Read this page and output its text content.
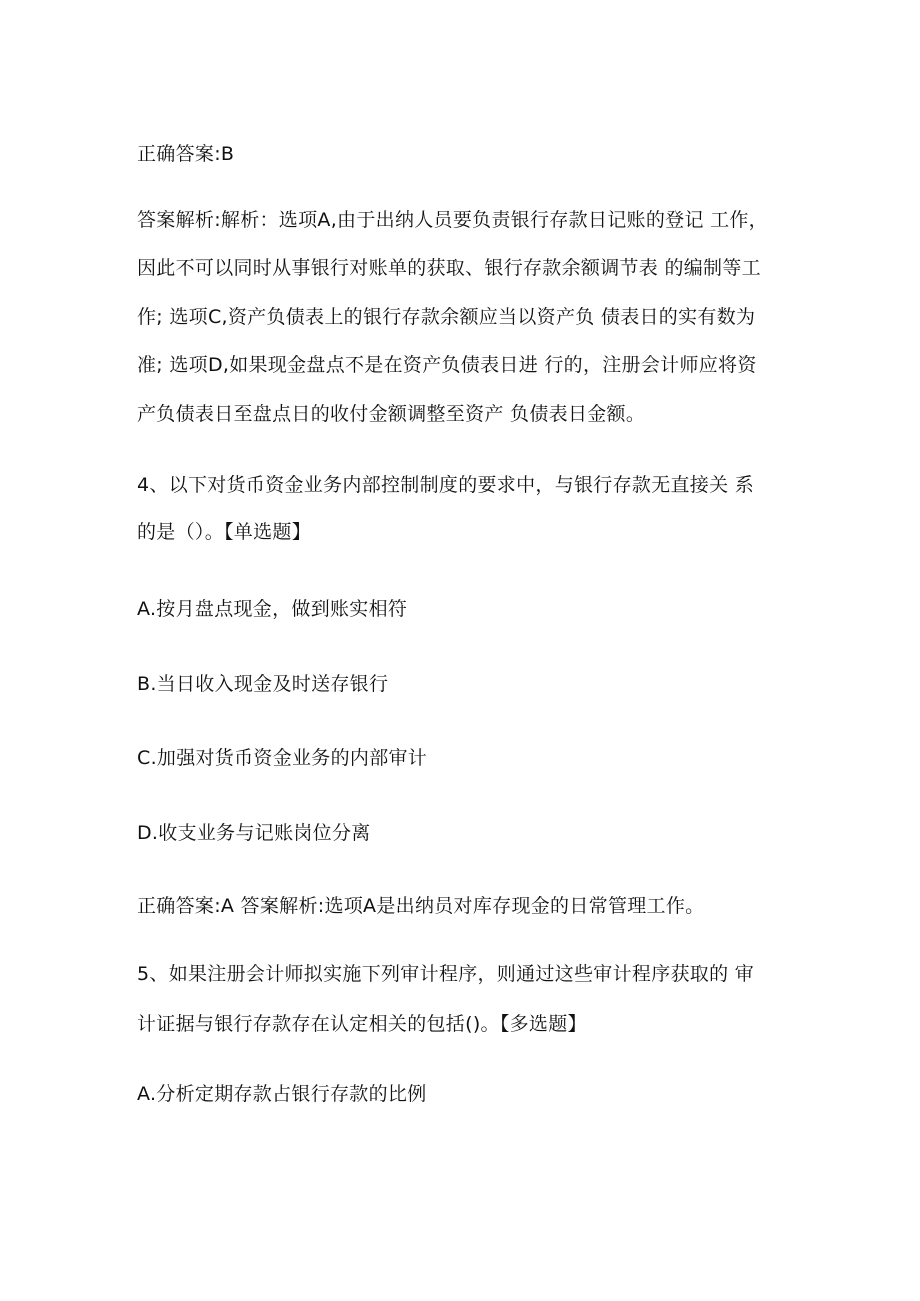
正确答案:B
答案解析:解析：选项A,由于出纳人员要负责银行存款日记账的登记 工作，
因此不可以同时从事银行对账单的获取、银行存款余额调节表 的编制等工
作; 选项C,资产负债表上的银行存款余额应当以资产负 债表日的实有数为
准; 选项D,如果现金盘点不是在资产负债表日进 行的，注册会计师应将资
产负债表日至盘点日的收付金额调整至资产 负债表日金额。
4、以下对货币资金业务内部控制制度的要求中，与银行存款无直接关 系
的是（）。【单选题】
A.按月盘点现金，做到账实相符
B.当日收入现金及时送存银行
C.加强对货币资金业务的内部审计
D.收支业务与记账岗位分离
正确答案:A 答案解析:选项A是出纳员对库存现金的日常管理工作。
5、如果注册会计师拟实施下列审计程序，则通过这些审计程序获取的 审
计证据与银行存款存在认定相关的包括()。【多选题】
A.分析定期存款占银行存款的比例
